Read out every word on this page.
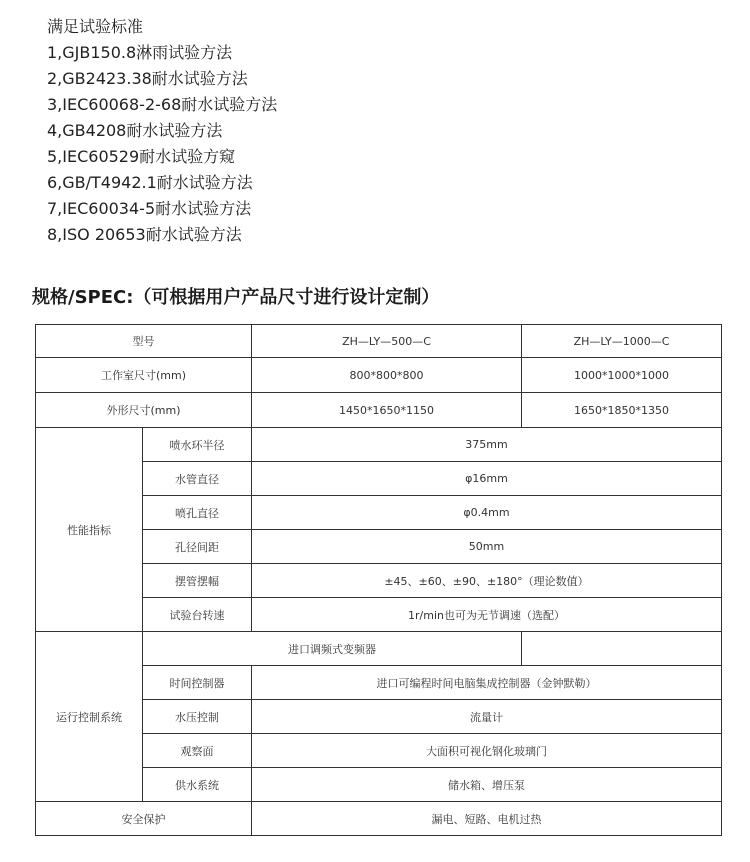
满足试验标准
1,GJB150.8淋雨试验方法
2,GB2423.38耐水试验方法
3,IEC60068-2-68耐水试验方法
4,GB4208耐水试验方法
5,IEC60529耐水试验方窥
6,GB/T4942.1耐水试验方法
7,IEC60034-5耐水试验方法
8,ISO 20653耐水试验方法
规格/SPEC:（可根据用户产品尺寸进行设计定制）
型号		ZH—LY—500—C	ZH—LY—1000—C
工作室尺寸(mm)		800*800*800	1000*1000*1000
外形尺寸(mm)		1450*1650*1150	1650*1850*1350
性能指标	喷水环半径	375mm	
	水管直径	φ16mm	
	喷孔直径	φ0.4mm	
	孔径间距	50mm	
	摆管摆幅	±45、±60、±90、±180°（理论数值）	
	试验台转速	1r/min也可为无节调速（选配）	
运行控制系统	进口调频式变频器		
	时间控制器	进口可编程时间电脑集成控制器（金钟默勒）	
	水压控制	流量计	
	观察面	大面积可视化钢化玻璃门	
	供水系统	储水箱、增压泵	
安全保护		漏电、短路、电机过热	
